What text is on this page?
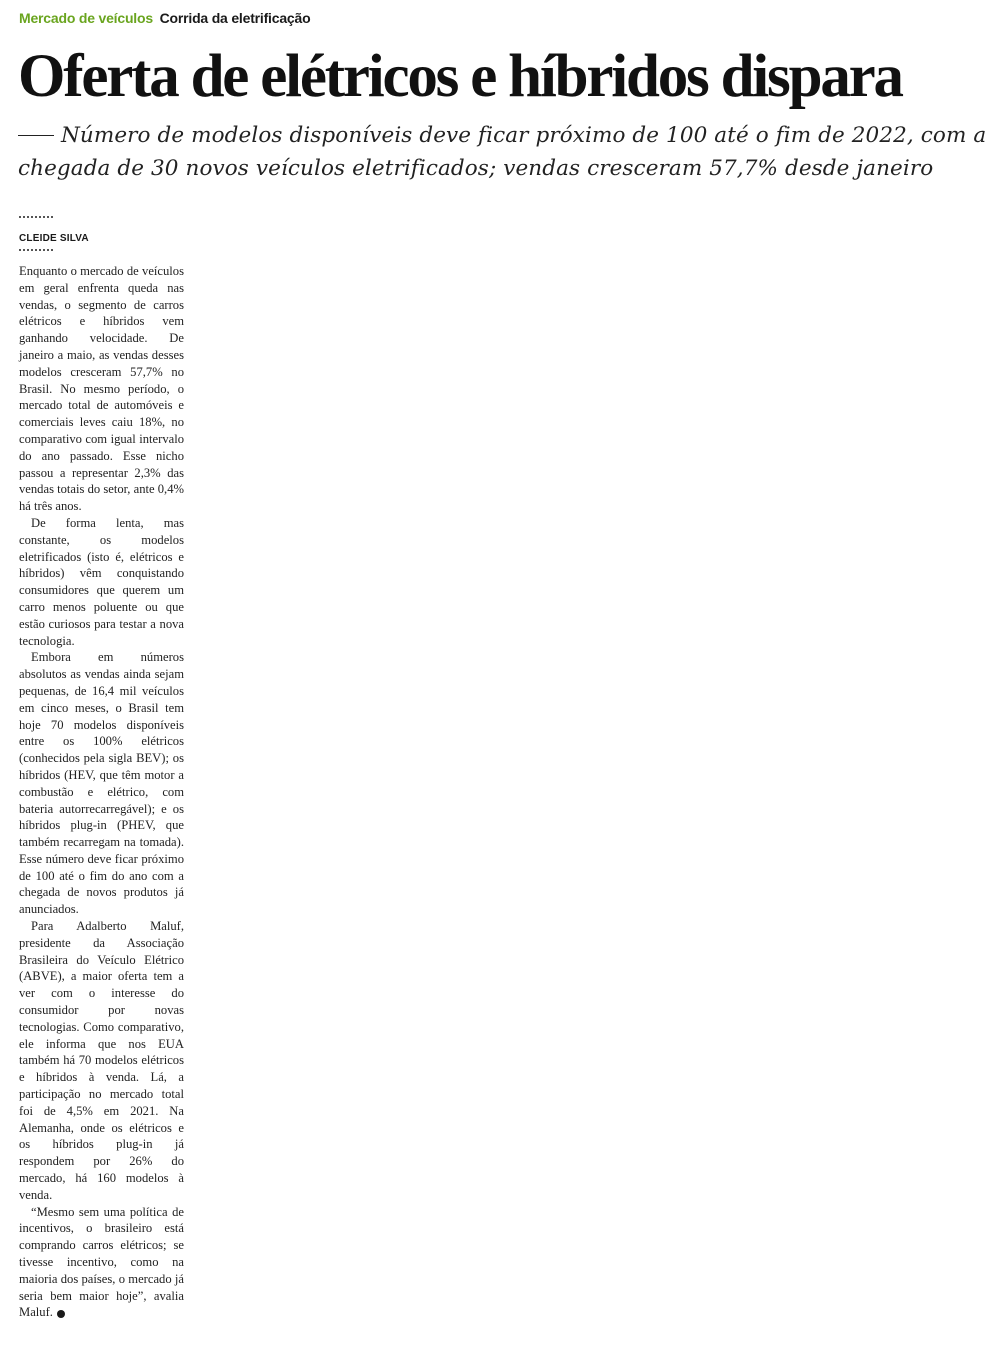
Mercado de veículos Corrida da eletrificação
Oferta de elétricos e híbridos dispara

Número de modelos disponíveis deve ficar próximo de 100 até o fim de 2022, com a chegada de 30 novos veículos eletrificados; vendas cresceram 57,7% desde janeiro

CLEIDE SILVA

Enquanto o mercado de veículos em geral enfrenta queda nas vendas, o segmento de carros elétricos e híbridos vem ganhando velocidade. De janeiro a maio, as vendas desses modelos cresceram 57,7% no Brasil. No mesmo período, o mercado total de automóveis e comerciais leves caiu 18%, no comparativo com igual intervalo do ano passado. Esse nicho passou a representar 2,3% das vendas totais do setor, ante 0,4% há três anos.

De forma lenta, mas constante, os modelos eletrificados (isto é, elétricos e híbridos) vêm conquistando consumidores que querem um carro menos poluente ou que estão curiosos para testar a nova tecnologia.

Embora em números absolutos as vendas ainda sejam pequenas, de 16,4 mil veículos em cinco meses, o Brasil tem hoje 70 modelos disponíveis entre os 100% elétricos (conhecidos pela sigla BEV); os híbridos (HEV, que têm motor a combustão e elétrico, com bateria autorrecarregável); e os híbridos plug-in (PHEV, que também recarregam na tomada). Esse número deve ficar próximo de 100 até o fim do ano com a chegada de novos produtos já anunciados.

Para Adalberto Maluf, presidente da Associação Brasileira do Veículo Elétrico (ABVE), a maior oferta tem a ver com o interesse do consumidor por novas tecnologias. Como comparativo, ele informa que nos EUA também há 70 modelos elétricos e híbridos à venda. Lá, a participação no mercado total foi de 4,5% em 2021. Na Alemanha, onde os elétricos e os híbridos plug-in já respondem por 26% do mercado, há 160 modelos à venda.

“Mesmo sem uma política de incentivos, o brasileiro está comprando carros elétricos; se tivesse incentivo, como na maioria dos países, o mercado já seria bem maior hoje”, avalia Maluf.
